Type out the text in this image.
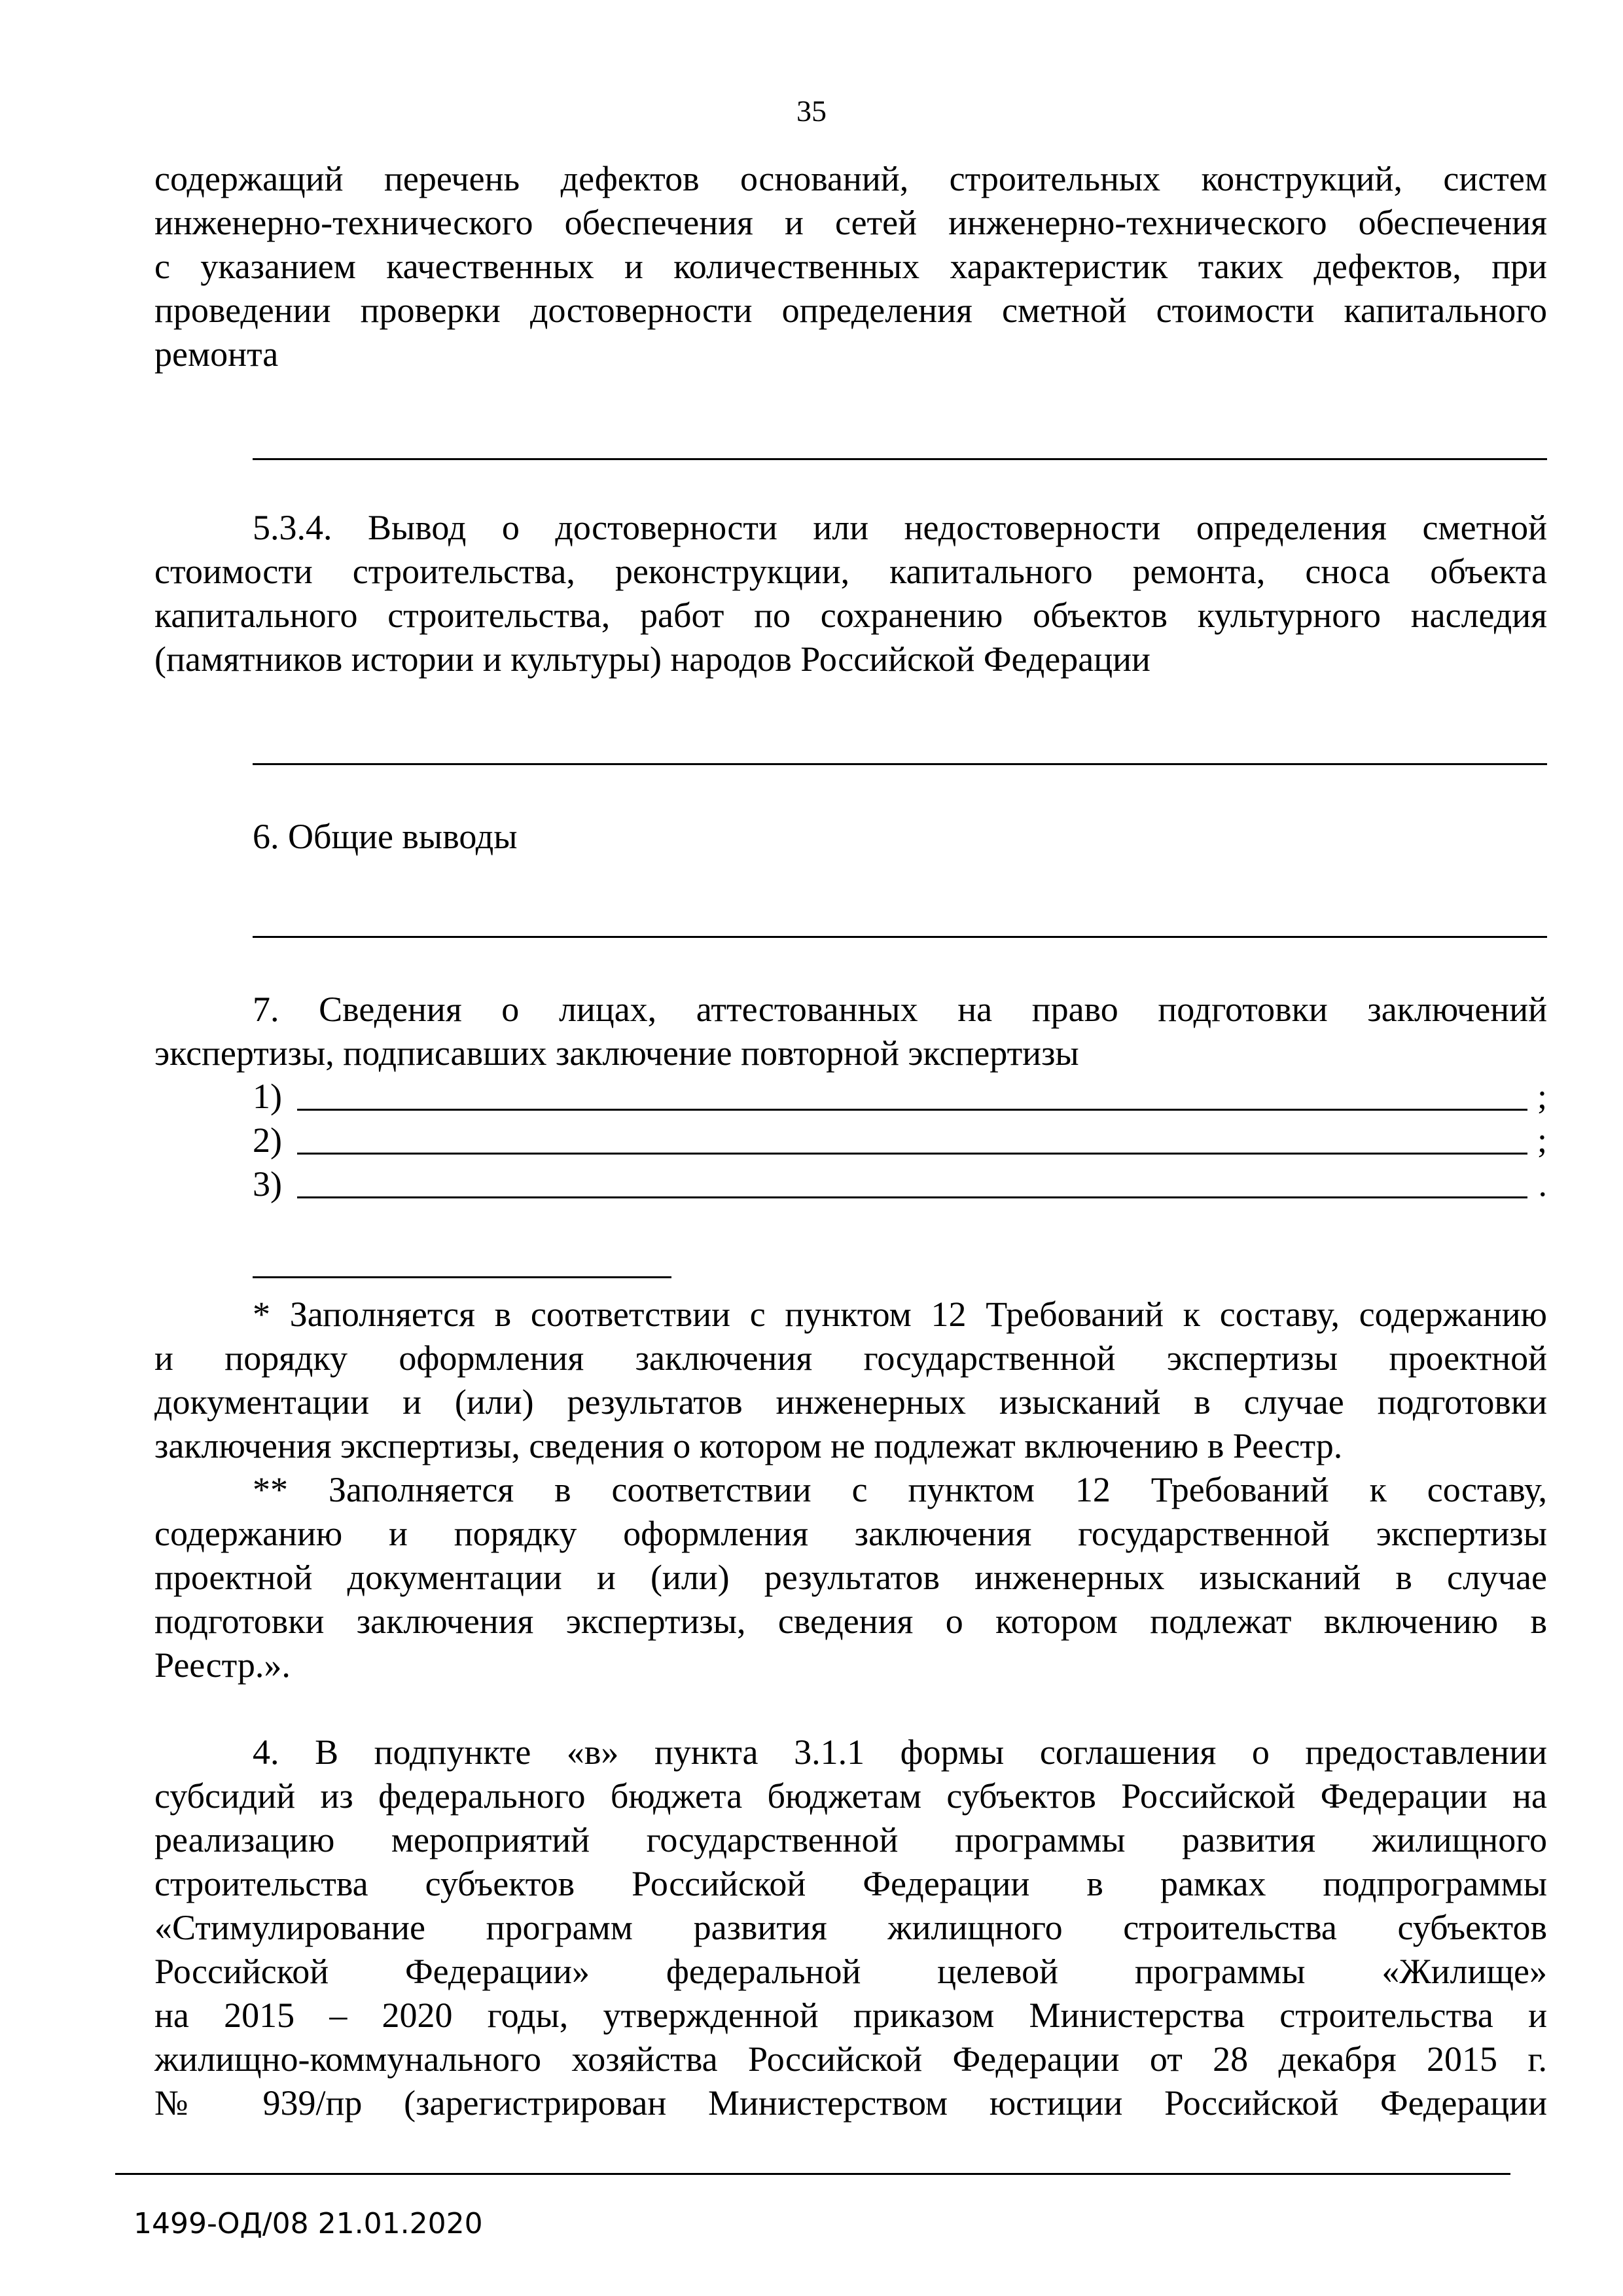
35
содержащий перечень дефектов оснований, строительных конструкций, систем
инженерно-технического обеспечения и сетей инженерно-технического обеспечения
с указанием качественных и количественных характеристик таких дефектов, при
проведении проверки достоверности определения сметной стоимости капитального
ремонта
5.3.4. Вывод о достоверности или недостоверности определения сметной
стоимости строительства, реконструкции, капитального ремонта, сноса объекта
капитального строительства, работ по сохранению объектов культурного наследия
(памятников истории и культуры) народов Российской Федерации
6. Общие выводы
7. Сведения о лицах, аттестованных на право подготовки заключений
экспертизы, подписавших заключение повторной экспертизы
1)	;
2)	;
3)	.
* Заполняется в соответствии с пунктом 12 Требований к составу, содержанию
и порядку оформления заключения государственной экспертизы проектной
документации и (или) результатов инженерных изысканий в случае подготовки
заключения экспертизы, сведения о котором не подлежат включению в Реестр.
** Заполняется в соответствии с пунктом 12 Требований к составу,
содержанию и порядку оформления заключения государственной экспертизы
проектной документации и (или) результатов инженерных изысканий в случае
подготовки заключения экспертизы, сведения о котором подлежат включению в
Реестр.».
4. В подпункте «в» пункта 3.1.1 формы соглашения о предоставлении
субсидий из федерального бюджета бюджетам субъектов Российской Федерации на
реализацию мероприятий государственной программы развития жилищного
строительства субъектов Российской Федерации в рамках подпрограммы
«Стимулирование программ развития жилищного строительства субъектов
Российской Федерации» федеральной целевой программы «Жилище»
на 2015 – 2020 годы, утвержденной приказом Министерства строительства и
жилищно-коммунального хозяйства Российской Федерации от 28 декабря 2015 г.
№ 939/пр (зарегистрирован Министерством юстиции Российской Федерации
1499-ОД/08 21.01.2020
